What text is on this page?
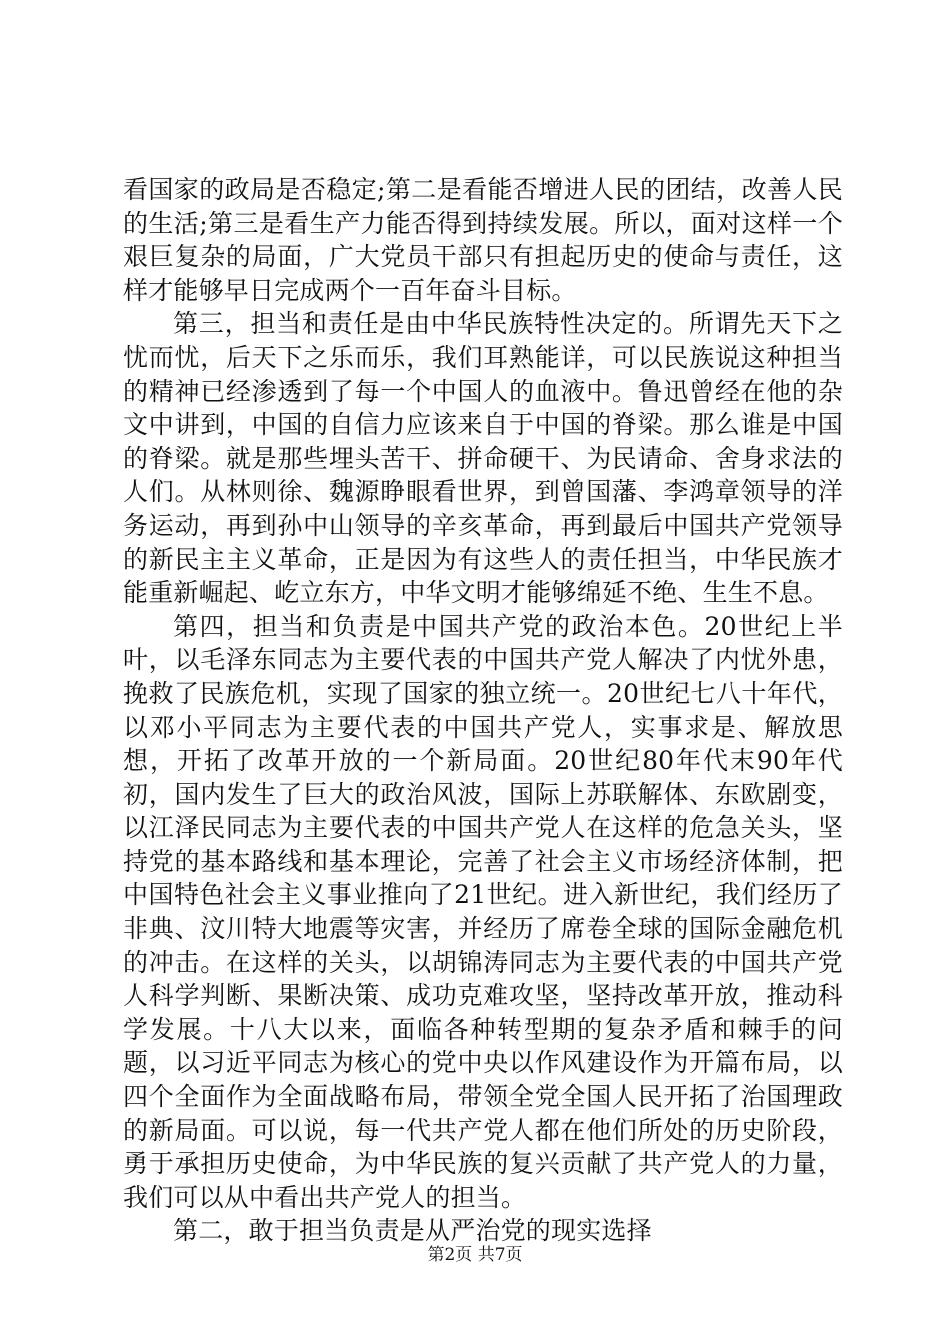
看国家的政局是否稳定;第二是看能否增进人民的团结，改善人民的生活;第三是看生产力能否得到持续发展。所以，面对这样一个艰巨复杂的局面，广大党员干部只有担起历史的使命与责任，这样才能够早日完成两个一百年奋斗目标。

第三，担当和责任是由中华民族特性决定的。所谓先天下之忧而忧，后天下之乐而乐，我们耳熟能详，可以民族说这种担当的精神已经渗透到了每一个中国人的血液中。鲁迅曾经在他的杂文中讲到，中国的自信力应该来自于中国的脊梁。那么谁是中国的脊梁。就是那些埋头苦干、拼命硬干、为民请命、舍身求法的人们。从林则徐、魏源睁眼看世界，到曾国藩、李鸿章领导的洋务运动，再到孙中山领导的辛亥革命，再到最后中国共产党领导的新民主主义革命，正是因为有这些人的责任担当，中华民族才能重新崛起、屹立东方，中华文明才能够绵延不绝、生生不息。

第四，担当和负责是中国共产党的政治本色。20世纪上半叶，以毛泽东同志为主要代表的中国共产党人解决了内忧外患，挽救了民族危机，实现了国家的独立统一。20世纪七八十年代，以邓小平同志为主要代表的中国共产党人，实事求是、解放思想，开拓了改革开放的一个新局面。20世纪80年代末90年代初，国内发生了巨大的政治风波，国际上苏联解体、东欧剧变，以江泽民同志为主要代表的中国共产党人在这样的危急关头，坚持党的基本路线和基本理论，完善了社会主义市场经济体制，把中国特色社会主义事业推向了21世纪。进入新世纪，我们经历了非典、汶川特大地震等灾害，并经历了席卷全球的国际金融危机的冲击。在这样的关头，以胡锦涛同志为主要代表的中国共产党人科学判断、果断决策、成功克难攻坚，坚持改革开放，推动科学发展。十八大以来，面临各种转型期的复杂矛盾和棘手的问题，以习近平同志为核心的党中央以作风建设作为开篇布局，以四个全面作为全面战略布局，带领全党全国人民开拓了治国理政的新局面。可以说，每一代共产党人都在他们所处的历史阶段，勇于承担历史使命，为中华民族的复兴贡献了共产党人的力量，我们可以从中看出共产党人的担当。

第二，敢于担当负责是从严治党的现实选择

第2页 共7页
